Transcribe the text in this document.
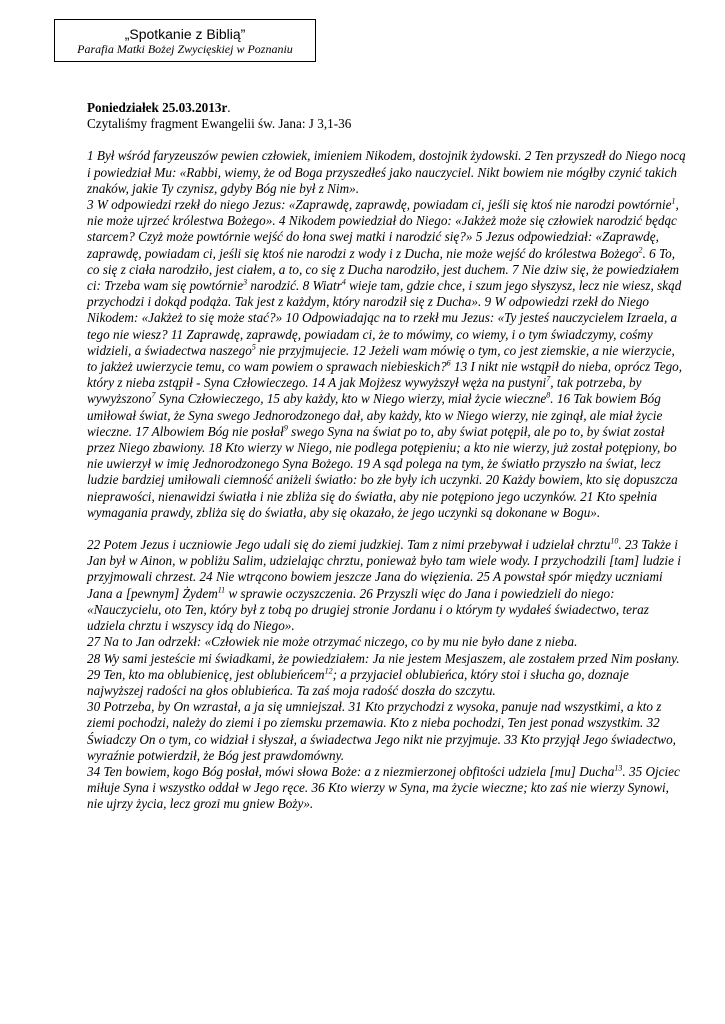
„Spotkanie z Biblią”
Parafia Matki Bożej Zwycięskiej w Poznaniu
Poniedziałek 25.03.2013r.
Czytaliśmy fragment Ewangelii św. Jana: J 3,1-36

1 Był wśród faryzeuszów pewien człowiek, imieniem Nikodem, dostojnik żydowski. 2 Ten przyszedł do Niego nocą i powiedział Mu: «Rabbi, wiemy, że od Boga przyszedłeś jako nauczyciel. Nikt bowiem nie mógłby czynić takich znaków, jakie Ty czynisz, gdyby Bóg nie był z Nim».
3 W odpowiedzi rzekł do niego Jezus: «Zaprawdę, zaprawdę, powiadam ci, jeśli się ktoś nie narodzi powtórnie$^1$, nie może ujrzeć królestwa Bożego». 4 Nikodem powiedział do Niego: «Jakżeż może się człowiek narodzić będąc starcem? Czyż może powtórnie wejść do łona swej matki i narodzić się?» 5 Jezus odpowiedział: «Zaprawdę, zaprawdę, powiadam ci, jeśli się ktoś nie narodzi z wody i z Ducha, nie może wejść do królestwa Bożego$^2$. 6 To, co się z ciała narodziło, jest ciałem, a to, co się z Ducha narodziło, jest duchem. 7 Nie dziw się, że powiedziałem ci: Trzeba wam się powtórnie$^3$ narodzić. 8 Wiatr$^4$ wieje tam, gdzie chce, i szum jego słyszysz, lecz nie wiesz, skąd przychodzi i dokąd podąża. Tak jest z każdym, który narodził się z Ducha». 9 W odpowiedzi rzekł do Niego Nikodem: «Jakżeż to się może stać?» 10 Odpowiadając na to rzekł mu Jezus: «Ty jesteś nauczycielem Izraela, a tego nie wiesz? 11 Zaprawdę, zaprawdę, powiadam ci, że to mówimy, co wiemy, i o tym świadczymy, cośmy widzieli, a świadectwa naszego$^5$ nie przyjmujecie. 12 Jeżeli wam mówię o tym, co jest ziemskie, a nie wierzycie, to jakżeż uwierzycie temu, co wam powiem o sprawach niebieskich?$^6$ 13 I nikt nie wstąpił do nieba, oprócz Tego, który z nieba zstąpił - Syna Człowieczego. 14 A jak Mojżesz wywyższył węża na pustyni$^7$, tak potrzeba, by wywyższono$^7$ Syna Człowieczego, 15 aby każdy, kto w Niego wierzy, miał życie wieczne$^8$. 16 Tak bowiem Bóg umiłował świat, że Syna swego Jednorodzonego dał, aby każdy, kto w Niego wierzy, nie zginął, ale miał życie wieczne. 17 Albowiem Bóg nie posłał$^9$ swego Syna na świat po to, aby świat potępił, ale po to, by świat został przez Niego zbawiony. 18 Kto wierzy w Niego, nie podlega potępieniu; a kto nie wierzy, już został potępiony, bo nie uwierzył w imię Jednorodzonego Syna Bożego. 19 A sąd polega na tym, że światło przyszło na świat, lecz ludzie bardziej umiłowali ciemność aniżeli światło: bo złe były ich uczynki. 20 Każdy bowiem, kto się dopuszcza nieprawości, nienawidzi światła i nie zbliża się do światła, aby nie potępiono jego uczynków. 21 Kto spełnia wymagania prawdy, zbliża się do światła, aby się okazało, że jego uczynki są dokonane w Bogu».

22 Potem Jezus i uczniowie Jego udali się do ziemi judzkiej. Tam z nimi przebywał i udzielał chrztu$^{10}$. 23 Także i Jan był w Ainon, w pobliżu Salim, udzielając chrztu, ponieważ było tam wiele wody. I przychodzili [tam] ludzie i przyjmowali chrzest. 24 Nie wtrącono bowiem jeszcze Jana do więzienia. 25 A powstał spór między uczniami Jana a [pewnym] Żydem$^{11}$ w sprawie oczyszczenia. 26 Przyszli więc do Jana i powiedzieli do niego: «Nauczycielu, oto Ten, który był z tobą po drugiej stronie Jordanu i o którym ty wydałeś świadectwo, teraz udziela chrztu i wszyscy idą do Niego».
27 Na to Jan odrzekł: «Człowiek nie może otrzymać niczego, co by mu nie było dane z nieba.
28 Wy sami jesteście mi świadkami, że powiedziałem: Ja nie jestem Mesjaszem, ale zostałem przed Nim posłany. 29 Ten, kto ma oblubienicę, jest oblubieńcem$^{12}$; a przyjaciel oblubieńca, który stoi i słucha go, doznaje najwyższej radości na głos oblubieńca. Ta zaś moja radość doszła do szczytu.
30 Potrzeba, by On wzrastał, a ja się umniejszał. 31 Kto przychodzi z wysoka, panuje nad wszystkimi, a kto z ziemi pochodzi, należy do ziemi i po ziemsku przemawia. Kto z nieba pochodzi, Ten jest ponad wszystkim. 32 Świadczy On o tym, co widział i słyszał, a świadectwa Jego nikt nie przyjmuje. 33 Kto przyjął Jego świadectwo, wyraźnie potwierdził, że Bóg jest prawdomówny.
34 Ten bowiem, kogo Bóg posłał, mówi słowa Boże: a z niezmierzonej obfitości udziela [mu] Ducha$^{13}$. 35 Ojciec miłuje Syna i wszystko oddał w Jego ręce. 36 Kto wierzy w Syna, ma życie wieczne; kto zaś nie wierzy Synowi, nie ujrzy życia, lecz grozi mu gniew Boży».
